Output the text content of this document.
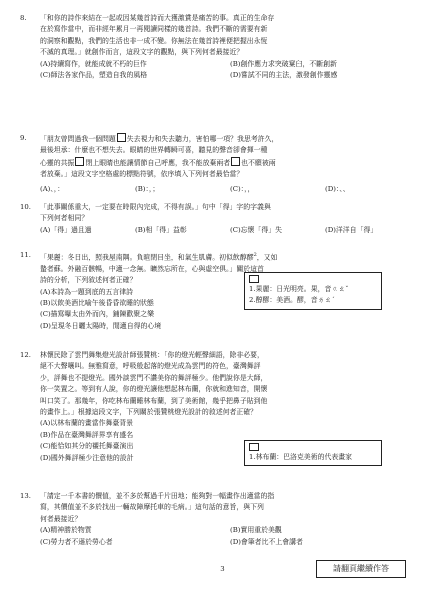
8. 「和你的詩作來結在一起或因某幾首詩而大獲激賞是痛苦的事。真正的生命存
在於寫作當中，而非經年累月一再閱讀同樣的幾首詩。我們不斷的需要有新
的洞察和觀點，我們的生活也非一成不變。你無法在幾首詩裡便把握出永恆
不滅的真理。」就創作而言，這段文字的觀點，與下列何者最接近？
(A)持續寫作，就能成就不朽的巨作	(B)創作應力求突破窠臼，不斷創新
(C)師法各家作品，塑造自我的風格	(D)嘗試不同的主法，激發創作靈感
9. 「朋友曾問過我一個問題 失去視力和失去聽力，害怕哪一項？我思考許久，
最後坦承：什麼也不想失去。眼睛的世界轉瞬可喜，聽見的聲音卻會揮一種
心靈的共振 閉上眼睛也能讓情節自己呼應，我不能放棄兩者 也不願被兩
者放棄。」這段文字空格處的標點符號，依序填入下列何者最恰當？
(A)、，：	(B)：，；	(C)：，，	(D)：、、
10. 「此事關係重大，一定要在時限內完成，不得有誤。」句中「得」字的字義與
下列何者相同？
(A)「得」過且過	(B)相「得」益彰	(C)忘懷「得」失	(D)洋洋自「得」
11. 「果麗：冬日出，照我屋南隅。負暄閉目坐，和氣生肌膚。初似飲醇醪$^2$，又如
蟄者蘇。外融百骸暢，中適一念無。曠然忘所在，心與虛空俱。」關於這首
詩的分析，下列敘述何者正確？
(A)本詩為一題到底的五言律詩
(B)以飲美酒比喻午後昏昏欲睡的狀態
(C)描寫曝太由外而內，鋪陳歡聚之樂
(D)呈現冬日曬太陽時，閒適自得的心境
1.果麗：日光明亮。果，音ㄍㄠˇ
2.醇醪：美酒。醪，音ㄌㄠˊ
12. 林懷民除了雲門舞集燈光設計師張贊桃：「你的燈光輕聲細語，除非必要，
絕不大聲嚷叫。無雅寫意，呼吸般起落的燈光成為雲門的符色，臺灣舞評
少，評舞也不提燈光。國外談雲門不讚美你的舞評極少。他們說你是大師，
你一笑置之。等到有人說，你的燈光讓他想起林布蘭，你就和進知音，開懷
叫口笑了。那幾年，你吃林布蘭睡林布蘭，到了美術館，幾乎把鼻子貼到他
的畫作上。」根據這段文字，下列關於張贊桃燈光設計的敘述何者正確？
(A)以林布蘭的畫當作舞臺背景
(B)作品在臺灣舞評界享有盛名
(C)能恰如其分的襯托舞臺演出
(D)國外舞評極少注意他的設計	1.林布蘭：巴洛克美術的代表畫家
13. 「請定一千本書的價值，並不多於幫過千片田地；能夠對一幅畫作出適當的指
寫，其價值並不多於找出一輛故障摩托車的毛病。」這句話的意旨，與下列
何者最接近？
(A)精神勝於物質	(B)實用重於美觀
(C)勞力者不遜於勞心者	(D)會筆者比不上會講者
3	請翻頁繼續作答
